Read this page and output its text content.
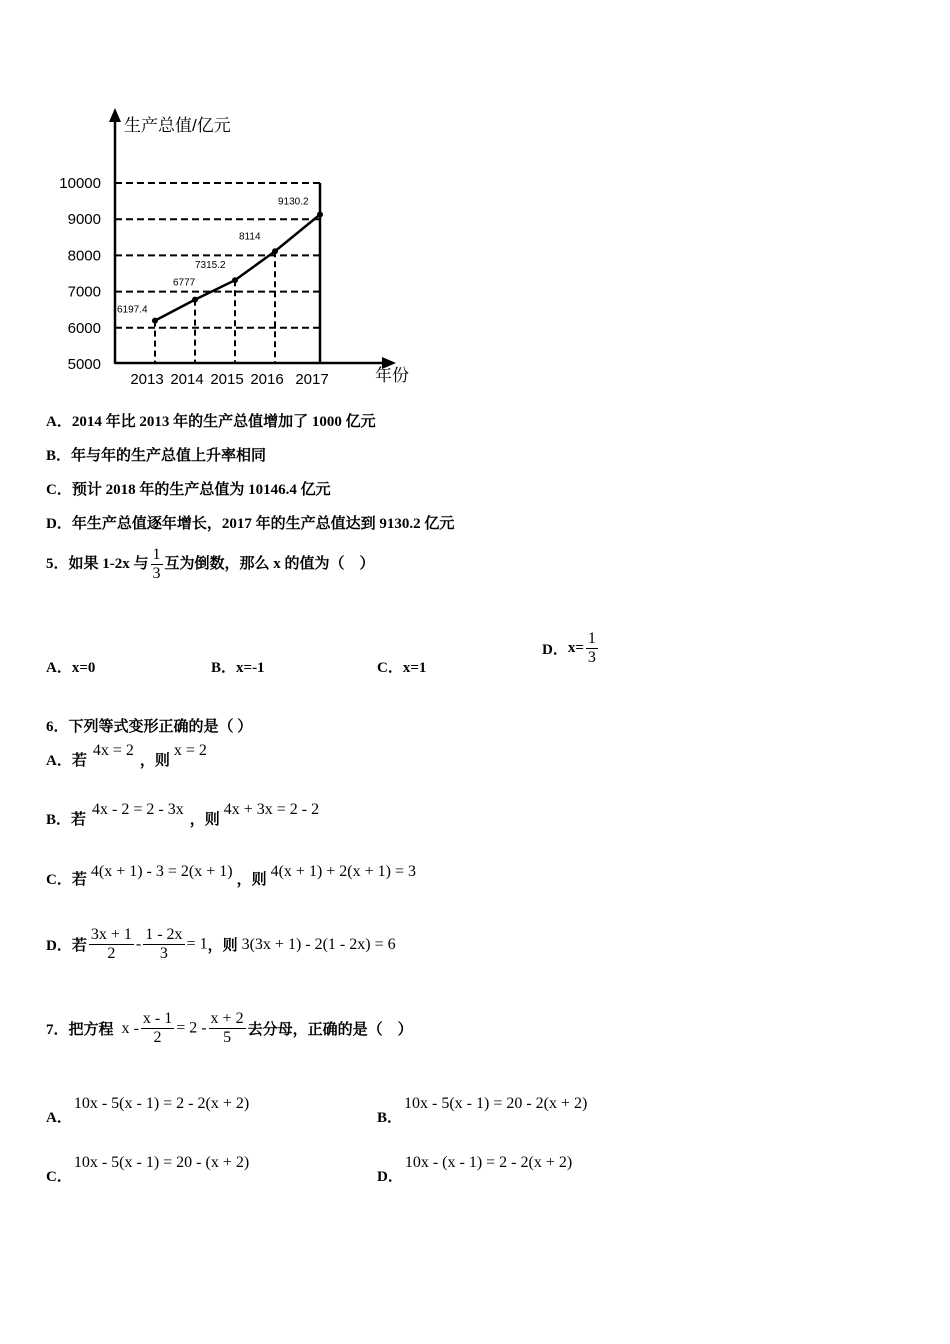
5000
6000
7000
8000
9000
10000
2013 2014 2015 2016 2017
6197.4
6777
7315.2
8114
9130.2
生产总值/亿元
年份
A．2014 年比 2013 年的生产总值增加了 1000 亿元
B．年与年的生产总值上升率相同
C．预计 2018 年的生产总值为 10146.4 亿元
D．年生产总值逐年增长，2017 年的生产总值达到 9130.2 亿元
5．如果 1-2x 与 $\frac{1}{3}$ 互为倒数，那么 x 的值为（　）
A．x=0	B．x=-1	C．x=1
D．$x= \frac{1}{3}$
6．下列等式变形正确的是（ ）
A．若4x = 2，则x = 2
B．若4x - 2 = 2 - 3x，则4x + 3x = 2 - 2
C．若 4(x + 1) - 3 = 2(x + 1) ，则 4(x + 1) + 2(x + 1) = 3
D．若 $\frac{3x + 1}{2} - \frac{1 - 2x}{3} = 1$，则 3(3x + 1) - 2(1 - 2x) = 6
7．把方程 $x - \frac{x - 1}{2} = 2 - \frac{x + 2}{5}$ 去分母，正确的是（　）
A．10x - 5(x - 1) = 2 - 2(x + 2)
B．10x - 5(x - 1) = 20 - 2(x + 2)
C．10x - 5(x - 1) = 20 - (x + 2)
D．10x - (x - 1) = 2 - 2(x + 2)
